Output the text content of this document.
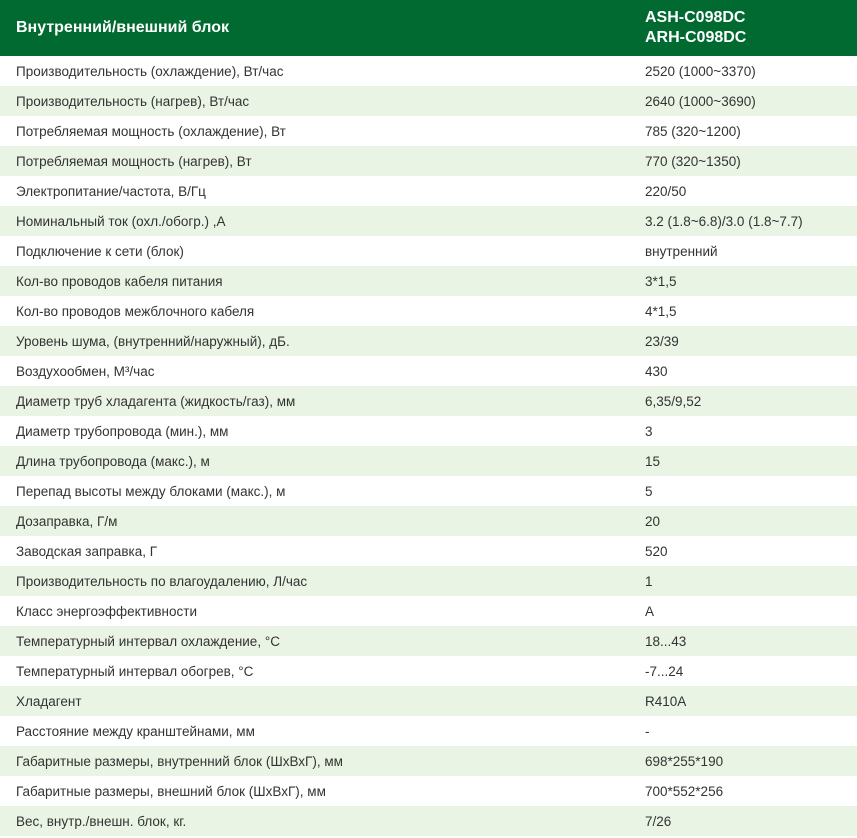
Внутренний/внешний блок	ASH-C098DC
ARH-C098DC

Производительность (охлаждение), Вт/час	2520 (1000~3370)
Производительность (нагрев), Вт/час	2640 (1000~3690)
Потребляемая мощность (охлаждение), Вт	785 (320~1200)
Потребляемая мощность (нагрев), Вт	770 (320~1350)
Электропитание/частота, В/Гц	220/50
Номинальный ток (охл./обогр.) ,А	3.2 (1.8~6.8)/3.0 (1.8~7.7)
Подключение к сети (блок)	внутренний
Кол-во проводов кабеля питания	3*1,5
Кол-во проводов межблочного кабеля	4*1,5
Уровень шума, (внутренний/наружный), дБ.	23/39
Воздухообмен, М³/час	430
Диаметр труб хладагента (жидкость/газ), мм	6,35/9,52
Диаметр трубопровода (мин.), мм	3
Длина трубопровода (макс.), м	15
Перепад высоты между блоками (макс.), м	5
Дозаправка, Г/м	20
Заводская заправка, Г	520
Производительность по влагоудалению, Л/час	1
Класс энергоэффективности	A
Температурный интервал охлаждение, °С	18...43
Температурный интервал обогрев, °С	-7...24
Хладагент	R410A
Расстояние между кранштейнами, мм	-
Габаритные размеры, внутренний блок (ШхВхГ), мм	698*255*190
Габаритные размеры, внешний блок (ШхВхГ), мм	700*552*256
Вес, внутр./внешн. блок, кг.	7/26
